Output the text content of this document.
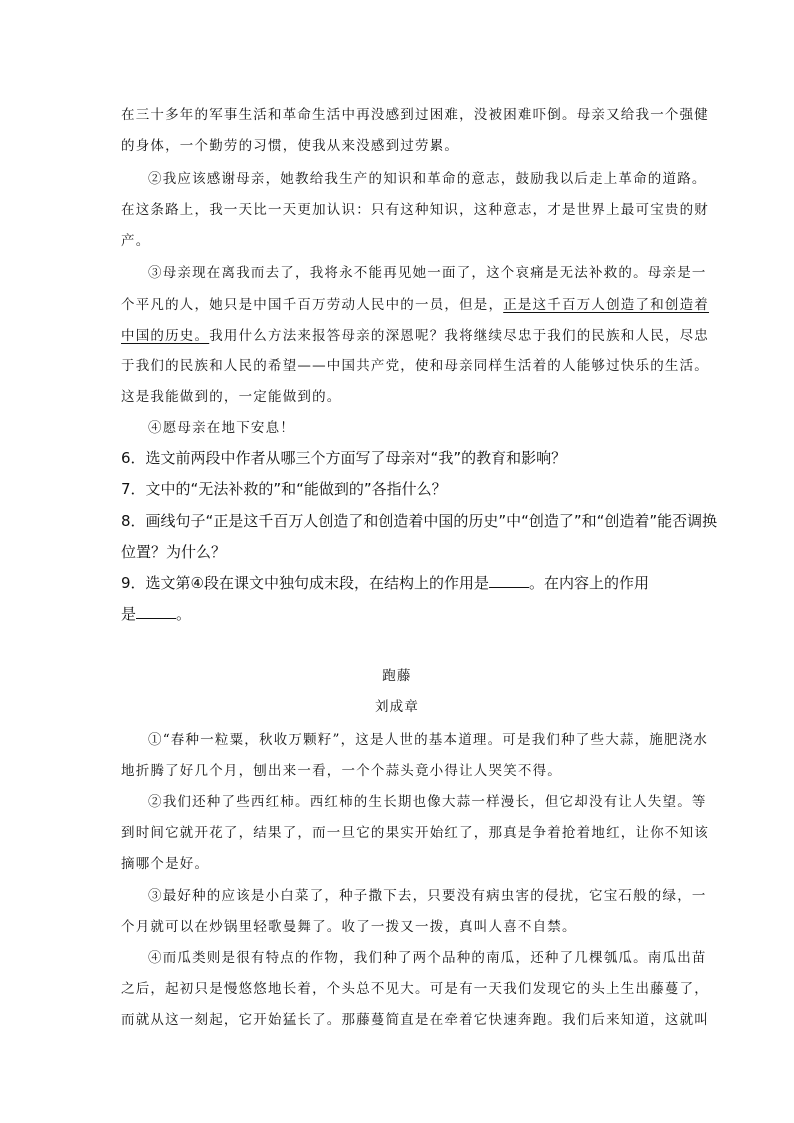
在三十多年的军事生活和革命生活中再没感到过困难，没被困难吓倒。母亲又给我一个强健
的身体，一个勤劳的习惯，使我从来没感到过劳累。
②我应该感谢母亲，她教给我生产的知识和革命的意志，鼓励我以后走上革命的道路。
在这条路上，我一天比一天更加认识：只有这种知识，这种意志，才是世界上最可宝贵的财
产。
③母亲现在离我而去了，我将永不能再见她一面了，这个哀痛是无法补救的。母亲是一
个平凡的人，她只是中国千百万劳动人民中的一员，但是，正是这千百万人创造了和创造着
中国的历史。我用什么方法来报答母亲的深恩呢？我将继续尽忠于我们的民族和人民，尽忠
于我们的民族和人民的希望——中国共产党，使和母亲同样生活着的人能够过快乐的生活。
这是我能做到的，一定能做到的。
④愿母亲在地下安息！
6．选文前两段中作者从哪三个方面写了母亲对“我”的教育和影响？
7．文中的“无法补救的”和“能做到的”各指什么？
8．画线句子“正是这千百万人创造了和创造着中国的历史”中“创造了”和“创造着”能否调换
位置？为什么？
9．选文第④段在课文中独句成末段，在结构上的作用是	。在内容上的作用
是	。
跑藤
刘成章
①“春种一粒粟，秋收万颗籽”，这是人世的基本道理。可是我们种了些大蒜，施肥浇水
地折腾了好几个月，刨出来一看，一个个蒜头竟小得让人哭笑不得。
②我们还种了些西红柿。西红柿的生长期也像大蒜一样漫长，但它却没有让人失望。等
到时间它就开花了，结果了，而一旦它的果实开始红了，那真是争着抢着地红，让你不知该
摘哪个是好。
③最好种的应该是小白菜了，种子撒下去，只要没有病虫害的侵扰，它宝石般的绿，一
个月就可以在炒锅里轻歌曼舞了。收了一拨又一拨，真叫人喜不自禁。
④而瓜类则是很有特点的作物，我们种了两个品种的南瓜，还种了几棵瓠瓜。南瓜出苗
之后，起初只是慢悠悠地长着，个头总不见大。可是有一天我们发现它的头上生出藤蔓了，
而就从这一刻起，它开始猛长了。那藤蔓简直是在牵着它快速奔跑。我们后来知道，这就叫
